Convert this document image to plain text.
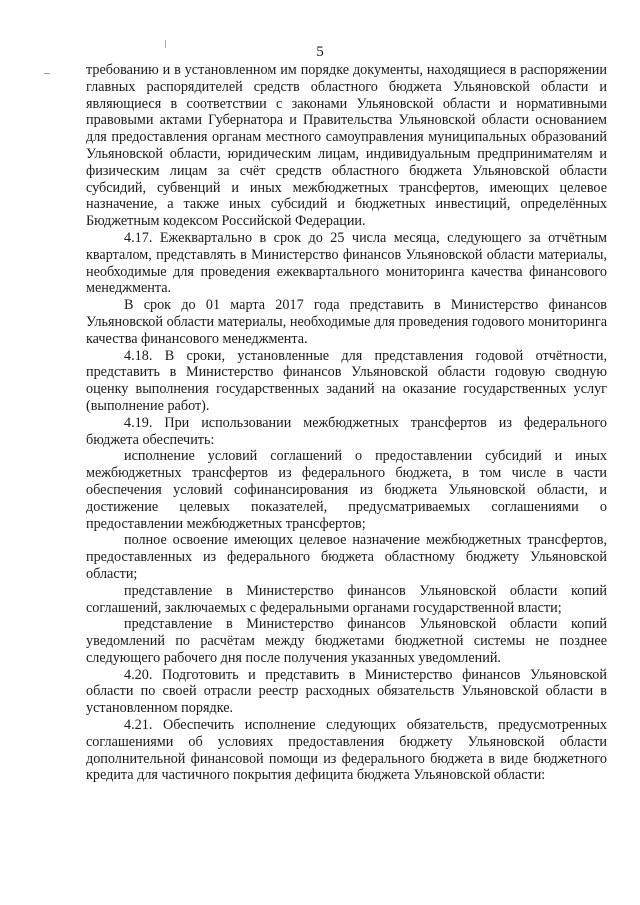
5

требованию и в установленном им порядке документы, находящиеся в распоряжении главных распорядителей средств областного бюджета Ульяновской области и являющиеся в соответствии с законами Ульяновской области и нормативными правовыми актами Губернатора и Правительства Ульяновской области основанием для предоставления органам местного самоуправления муниципальных образований Ульяновской области, юридическим лицам, индивидуальным предпринимателям и физическим лицам за счёт средств областного бюджета Ульяновской области субсидий, субвенций и иных межбюджетных трансфертов, имеющих целевое назначение, а также иных субсидий и бюджетных инвестиций, определённых Бюджетным кодексом Российской Федерации.

4.17. Ежеквартально в срок до 25 числа месяца, следующего за отчётным кварталом, представлять в Министерство финансов Ульяновской области материалы, необходимые для проведения ежеквартального мониторинга качества финансового менеджмента.

В срок до 01 марта 2017 года представить в Министерство финансов Ульяновской области материалы, необходимые для проведения годового мониторинга качества финансового менеджмента.

4.18. В сроки, установленные для представления годовой отчётности, представить в Министерство финансов Ульяновской области годовую сводную оценку выполнения государственных заданий на оказание государственных услуг (выполнение работ).

4.19. При использовании межбюджетных трансфертов из федерального бюджета обеспечить:

исполнение условий соглашений о предоставлении субсидий и иных межбюджетных трансфертов из федерального бюджета, в том числе в части обеспечения условий софинансирования из бюджета Ульяновской области, и достижение целевых показателей, предусматриваемых соглашениями о предоставлении межбюджетных трансфертов;

полное освоение имеющих целевое назначение межбюджетных трансфертов, предоставленных из федерального бюджета областному бюджету Ульяновской области;

представление в Министерство финансов Ульяновской области копий соглашений, заключаемых с федеральными органами государственной власти;

представление в Министерство финансов Ульяновской области копий уведомлений по расчётам между бюджетами бюджетной системы не позднее следующего рабочего дня после получения указанных уведомлений.

4.20. Подготовить и представить в Министерство финансов Ульяновской области по своей отрасли реестр расходных обязательств Ульяновской области в установленном порядке.

4.21. Обеспечить исполнение следующих обязательств, предусмотренных соглашениями об условиях предоставления бюджету Ульяновской области дополнительной финансовой помощи из федерального бюджета в виде бюджетного кредита для частичного покрытия дефицита бюджета Ульяновской области:
